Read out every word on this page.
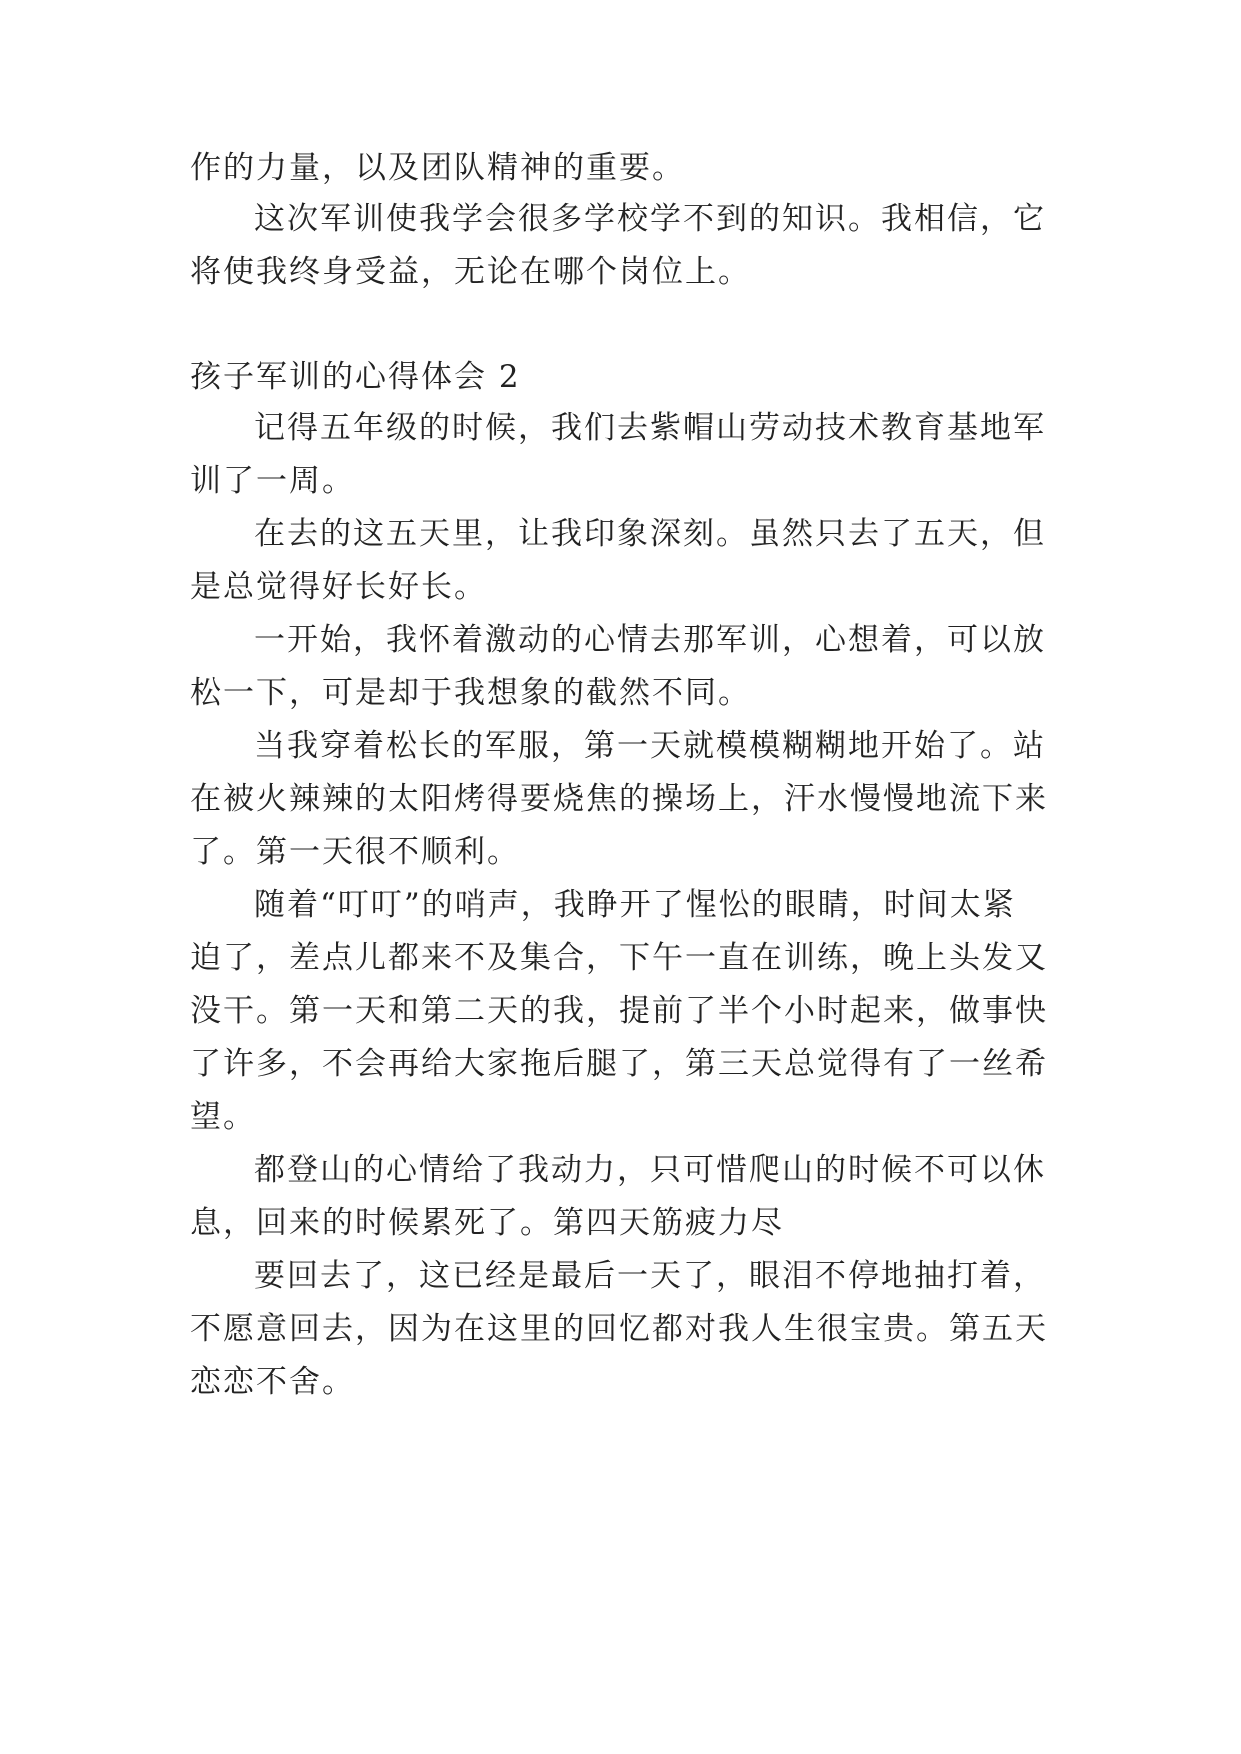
作的力量，以及团队精神的重要。
这次军训使我学会很多学校学不到的知识。我相信，它
将使我终身受益，无论在哪个岗位上。
孩子军训的心得体会 2
记得五年级的时候，我们去紫帽山劳动技术教育基地军
训了一周。
在去的这五天里，让我印象深刻。虽然只去了五天，但
是总觉得好长好长。
一开始，我怀着激动的心情去那军训，心想着，可以放
松一下，可是却于我想象的截然不同。
当我穿着松长的军服，第一天就模模糊糊地开始了。站
在被火辣辣的太阳烤得要烧焦的操场上，汗水慢慢地流下来
了。第一天很不顺利。
随着“叮叮”的哨声，我睁开了惺忪的眼睛，时间太紧
迫了，差点儿都来不及集合，下午一直在训练，晚上头发又
没干。第一天和第二天的我，提前了半个小时起来，做事快
了许多，不会再给大家拖后腿了，第三天总觉得有了一丝希
望。
都登山的心情给了我动力，只可惜爬山的时候不可以休
息，回来的时候累死了。第四天筋疲力尽
要回去了，这已经是最后一天了，眼泪不停地抽打着，
不愿意回去，因为在这里的回忆都对我人生很宝贵。第五天
恋恋不舍。
